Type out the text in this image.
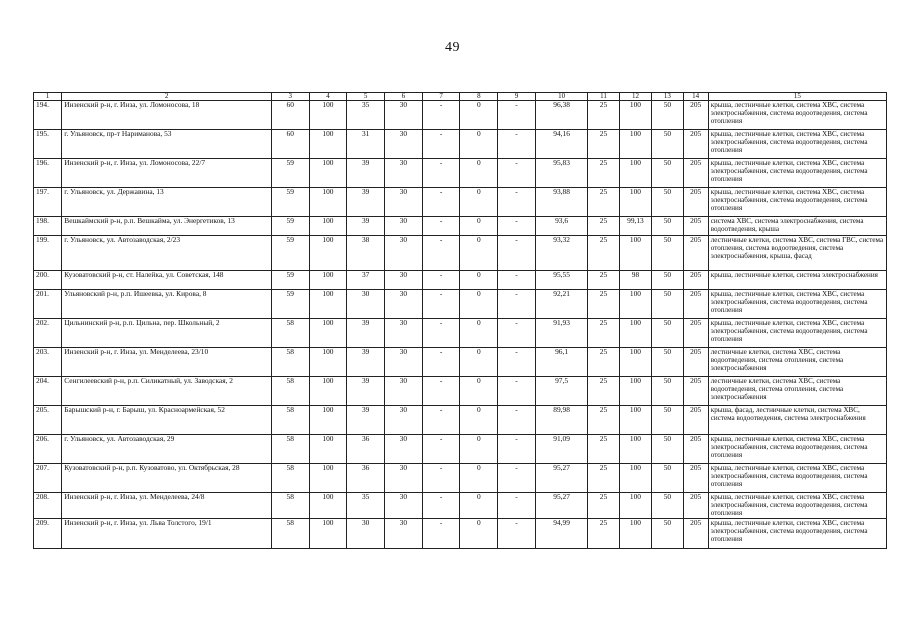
49
1	2	3	4	5	6	7	8	9	10	11	12	13	14	15
194.	Инзенский р-н, г. Инза, ул. Ломоносова, 18	60	100	35	30	-	0	-	96,38	25	100	50	205	крыша, лестничные клетки, система ХВС, система электроснабжения, система водоотведения, система отопления
195.	г. Ульяновск, пр-т Нариманова, 53	60	100	31	30	-	0	-	94,16	25	100	50	205	крыша, лестничные клетки, система ХВС, система электроснабжения, система водоотведения, система отопления
196.	Инзенский р-н, г. Инза, ул. Ломоносова, 22/7	59	100	39	30	-	0	-	95,83	25	100	50	205	крыша, лестничные клетки, система ХВС, система электроснабжения, система водоотведения, система отопления
197.	г. Ульяновск, ул. Державина, 13	59	100	39	30	-	0	-	93,88	25	100	50	205	крыша, лестничные клетки, система ХВС, система электроснабжения, система водоотведения, система отопления
198.	Вешкаймский р-н, р.п. Вешкайма, ул. Энергетиков, 13	59	100	39	30	-	0	-	93,6	25	99,13	50	205	система ХВС, система электроснабжения, система водоотведения, крыша
199.	г. Ульяновск, ул. Автозаводская, 2/23	59	100	38	30	-	0	-	93,32	25	100	50	205	лестничные клетки, система ХВС, система ГВС, система отопления, система водоотведения, система электроснабжения, крыша, фасад
200.	Кузоватовский р-н, ст. Налейка, ул. Советская, 148	59	100	37	30	-	0	-	95,55	25	98	50	205	крыша, лестничные клетки, система электроснабжения
201.	Ульяновский р-н, р.п. Ишеевка, ул. Кирова, 8	59	100	30	30	-	0	-	92,21	25	100	50	205	крыша, лестничные клетки, система ХВС, система электроснабжения, система водоотведения, система отопления
202.	Цильнинский р-н, р.п. Цильна, пер. Школьный, 2	58	100	39	30	-	0	-	91,93	25	100	50	205	крыша, лестничные клетки, система ХВС, система электроснабжения, система водоотведения, система отопления
203.	Инзенский р-н, г. Инза, ул. Менделеева, 23/10	58	100	39	30	-	0	-	96,1	25	100	50	205	лестничные клетки, система ХВС, система водоотведения, система отопления, система электроснабжения
204.	Сенгилеевский р-н, р.п. Силикатный, ул. Заводская, 2	58	100	39	30	-	0	-	97,5	25	100	50	205	лестничные клетки, система ХВС, система водоотведения, система отопления, система электроснабжения
205.	Барышский р-н, г. Барыш, ул. Красноармейская, 52	58	100	39	30	-	0	-	89,98	25	100	50	205	крыша, фасад, лестничные клетки, система ХВС, система водоотведения, система электроснабжения
206.	г. Ульяновск, ул. Автозаводская, 29	58	100	36	30	-	0	-	91,09	25	100	50	205	крыша, лестничные клетки, система ХВС, система электроснабжения, система водоотведения, система отопления
207.	Кузоватовский р-н, р.п. Кузоватово, ул. Октябрьская, 28	58	100	36	30	-	0	-	95,27	25	100	50	205	крыша, лестничные клетки, система ХВС, система электроснабжения, система водоотведения, система отопления
208.	Инзенский р-н, г. Инза, ул. Менделеева, 24/8	58	100	35	30	-	0	-	95,27	25	100	50	205	крыша, лестничные клетки, система ХВС, система электроснабжения, система водоотведения, система отопления
209.	Инзенский р-н, г. Инза, ул. Льва Толстого, 19/1	58	100	30	30	-	0	-	94,99	25	100	50	205	крыша, лестничные клетки, система ХВС, система электроснабжения, система водоотведения, система отопления
